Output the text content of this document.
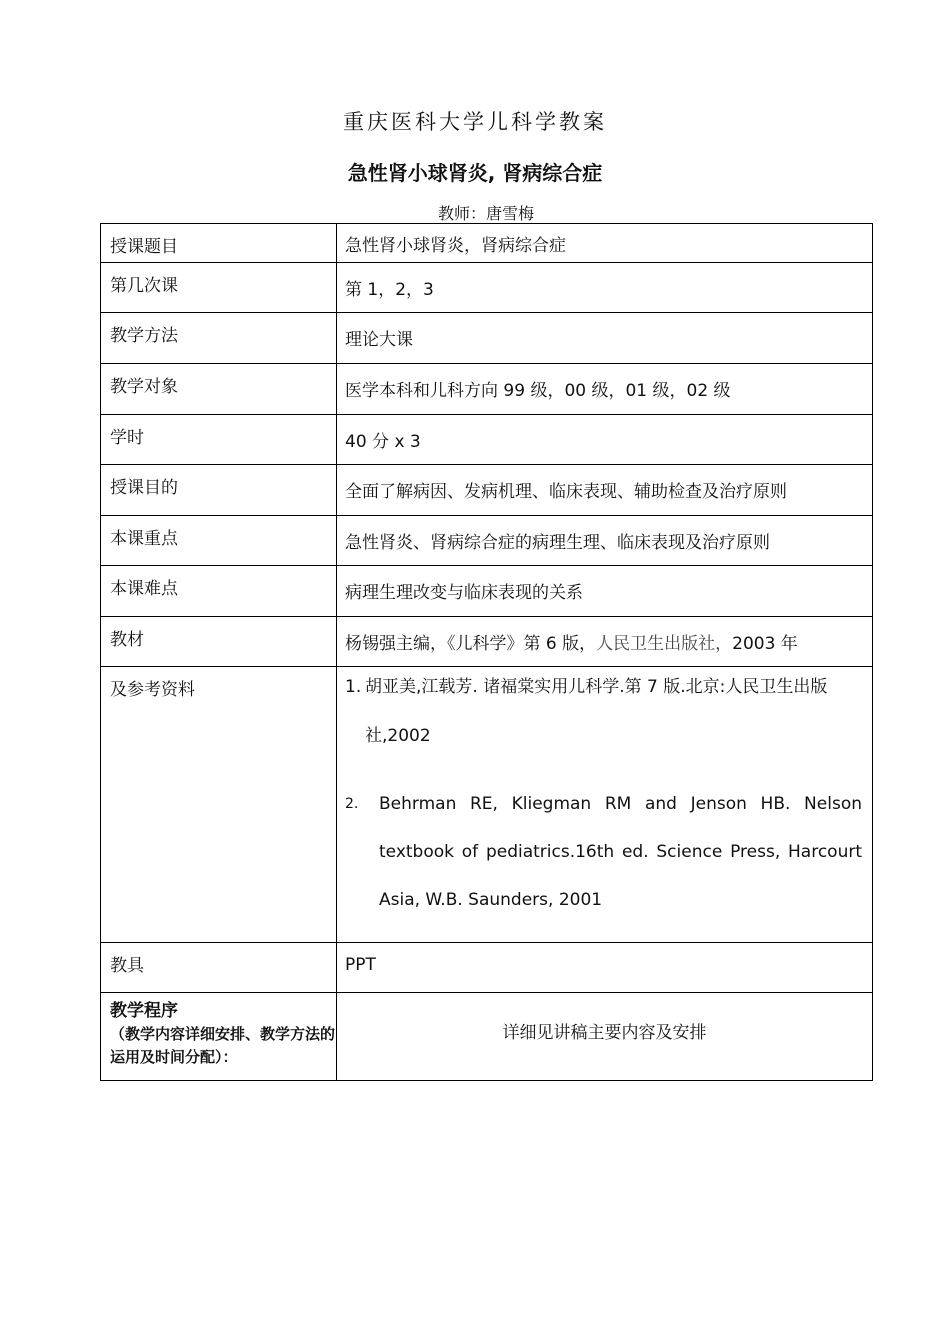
重庆医科大学儿科学教案
急性肾小球肾炎, 肾病综合症
教师：唐雪梅
授课题目	急性肾小球肾炎，肾病综合症
第几次课	第 1，2，3
教学方法	理论大课
教学对象	医学本科和儿科方向 99 级，00 级，01 级，02 级
学时	40 分 x 3
授课目的	全面了解病因、发病机理、临床表现、辅助检查及治疗原则
本课重点	急性肾炎、肾病综合症的病理生理、临床表现及治疗原则
本课难点	病理生理改变与临床表现的关系
教材	杨锡强主编，《儿科学》第 6 版，人民卫生出版社，2003 年
及参考资料	1. 胡亚美,江载芳. 诸福棠实用儿科学.第 7 版.北京:人民卫生出版社,2002
2. Behrman RE, Kliegman RM and Jenson HB. Nelson textbook of pediatrics.16th ed. Science Press, Harcourt Asia, W.B. Saunders, 2001

教具	PPT

教学程序
（教学内容详细安排、教学方法的运用及时间分配）：	详细见讲稿主要内容及安排
